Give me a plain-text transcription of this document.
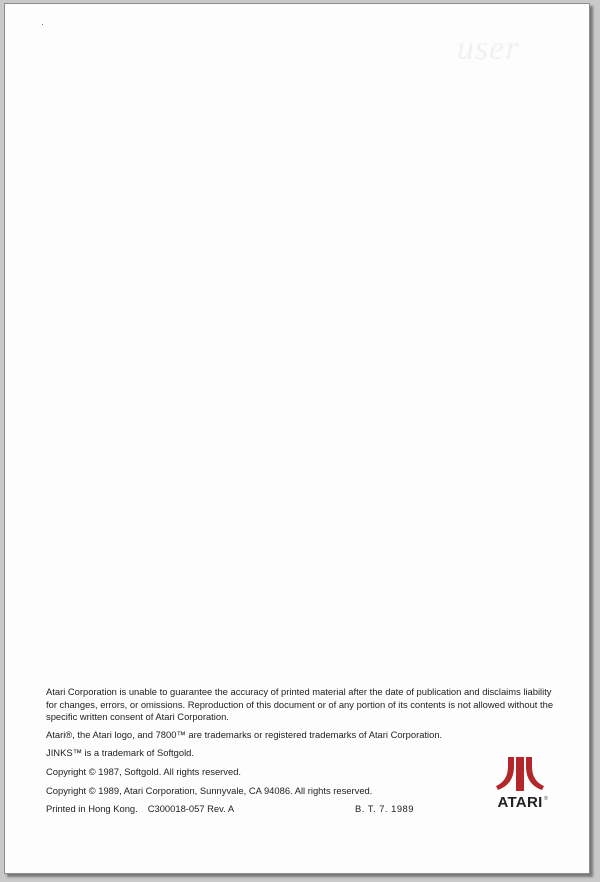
user

Atari Corporation is unable to guarantee the accuracy of printed material after the date of publication and disclaims liability for changes, errors, or omissions. Reproduction of this document or of any portion of its contents is not allowed without the specific written consent of Atari Corporation.

Atari®, the Atari logo, and 7800™ are trademarks or registered trademarks of Atari Corporation.

JINKS™ is a trademark of Softgold.

Copyright © 1987, Softgold. All rights reserved.

Copyright © 1989, Atari Corporation, Sunnyvale, CA 94086. All rights reserved.

Printed in Hong Kong. C300018-057 Rev. A	B. T. 7. 1989	ATARI ®
